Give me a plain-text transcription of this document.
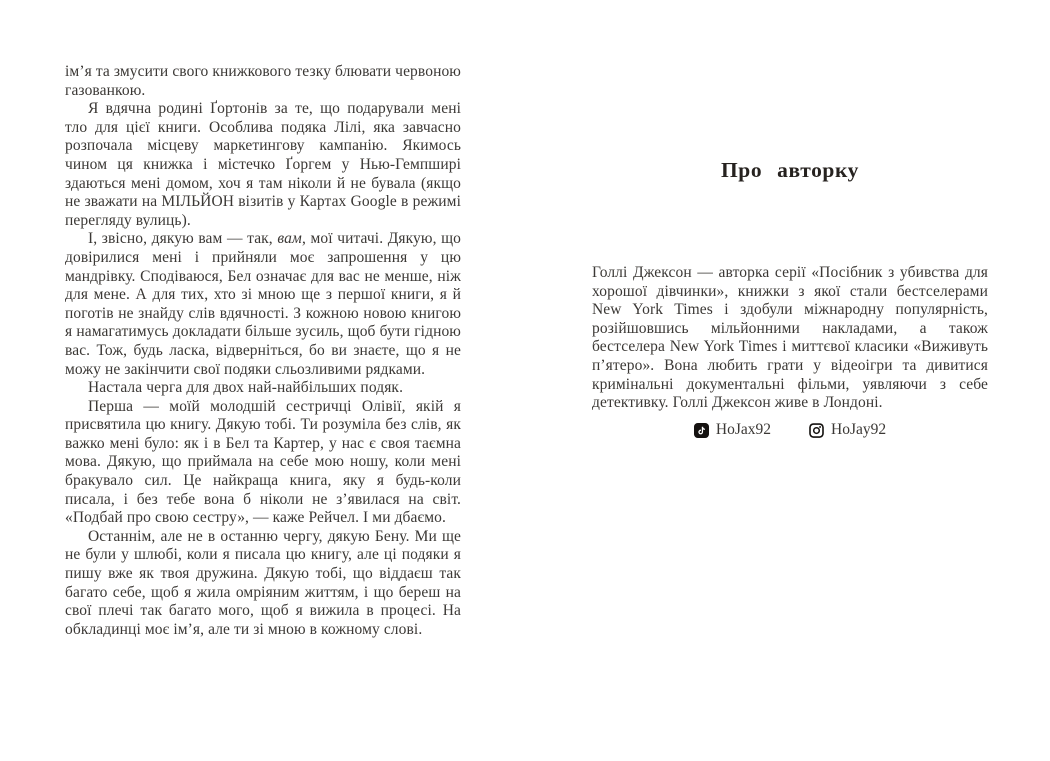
ім’я та змусити свого книжкового тезку блювати червоною газованкою.

Я вдячна родині Ґортонів за те, що подарували мені тло для цієї книги. Особлива подяка Лілі, яка завчасно розпочала місцеву маркетингову кампанію. Якимось чином ця книжка і містечко Ґоргем у Нью-Гемпширі здаються мені домом, хоч я там ніколи й не бувала (якщо не зважати на МІЛЬЙОН візитів у Картах Google в режимі перегляду вулиць).

І, звісно, дякую вам — так, вам, мої читачі. Дякую, що довірилися мені і прийняли моє запрошення у цю мандрівку. Сподіваюся, Бел означає для вас не менше, ніж для мене. А для тих, хто зі мною ще з першої книги, я й поготів не знайду слів вдячності. З кожною новою книгою я намагатимусь докладати більше зусиль, щоб бути гідною вас. Тож, будь ласка, відверніться, бо ви знаєте, що я не можу не закінчити свої подяки сльозливими рядками.

Настала черга для двох най-найбільших подяк.

Перша — моїй молодшій сестричці Олівії, якій я присвятила цю книгу. Дякую тобі. Ти розуміла без слів, як важко мені було: як і в Бел та Картер, у нас є своя таємна мова. Дякую, що приймала на себе мою ношу, коли мені бракувало сил. Це найкраща книга, яку я будь-коли писала, і без тебе вона б ніколи не з’явилася на світ. «Подбай про свою сестру», — каже Рейчел. І ми дбаємо.

Останнім, але не в останню чергу, дякую Бену. Ми ще не були у шлюбі, коли я писала цю книгу, але ці подяки я пишу вже як твоя дружина. Дякую тобі, що віддаєш так багато себе, щоб я жила омріяним життям, і що береш на свої плечі так багато мого, щоб я вижила в процесі. На обкладинці моє ім’я, але ти зі мною в кожному слові.

Про авторку

Голлі Джексон — авторка серії «Посібник з убивства для хорошої дівчинки», книжки з якої стали бестселерами New York Times і здобули міжнародну популярність, розійшовшись мільйонними накладами, а також бестселера New York Times і миттєвої класики «Виживуть п’ятеро». Вона любить грати у відеоігри та дивитися кримінальні документальні фільми, уявляючи з себе детективку. Голлі Джексон живе в Лондоні.

HoJax92	HoJay92
